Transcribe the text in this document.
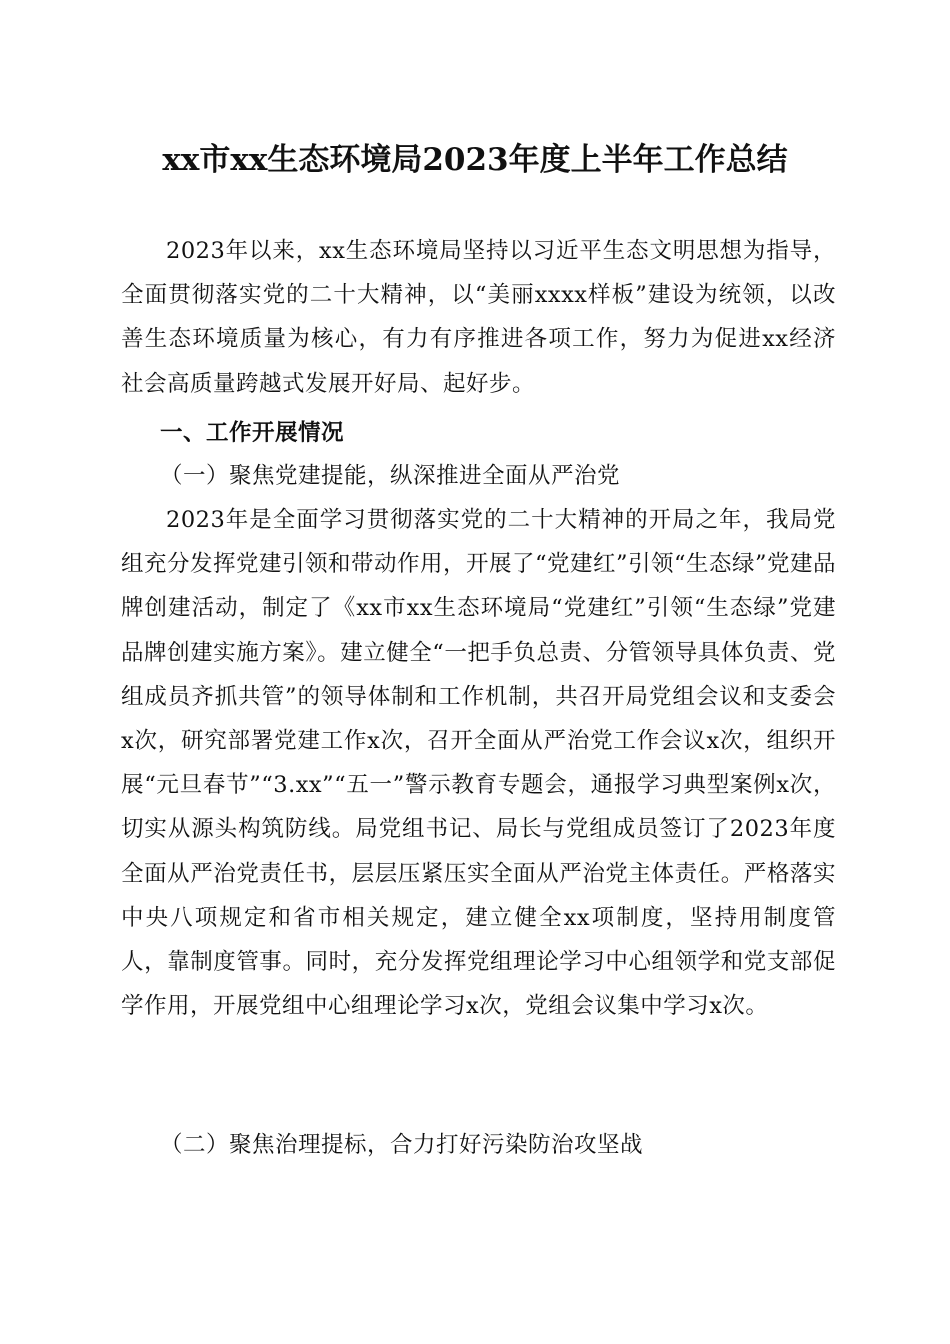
xx市xx生态环境局2023年度上半年工作总结
2023年以来，xx生态环境局坚持以习近平生态文明思想为指导，全面贯彻落实党的二十大精神，以“美丽xxxx样板”建设为统领，以改善生态环境质量为核心，有力有序推进各项工作，努力为促进xx经济社会高质量跨越式发展开好局、起好步。
一、工作开展情况
（一）聚焦党建提能，纵深推进全面从严治党
2023年是全面学习贯彻落实党的二十大精神的开局之年，我局党组充分发挥党建引领和带动作用，开展了“党建红”引领“生态绿”党建品牌创建活动，制定了《xx市xx生态环境局“党建红”引领“生态绿”党建品牌创建实施方案》。建立健全“一把手负总责、分管领导具体负责、党组成员齐抓共管”的领导体制和工作机制，共召开局党组会议和支委会x次，研究部署党建工作x次，召开全面从严治党工作会议x次，组织开展“元旦春节”“3.xx”“五一”警示教育专题会，通报学习典型案例x次，切实从源头构筑防线。局党组书记、局长与党组成员签订了2023年度全面从严治党责任书，层层压紧压实全面从严治党主体责任。严格落实中央八项规定和省市相关规定，建立健全xx项制度，坚持用制度管人，靠制度管事。同时，充分发挥党组理论学习中心组领学和党支部促学作用，开展党组中心组理论学习x次，党组会议集中学习x次。
（二）聚焦治理提标，合力打好污染防治攻坚战
